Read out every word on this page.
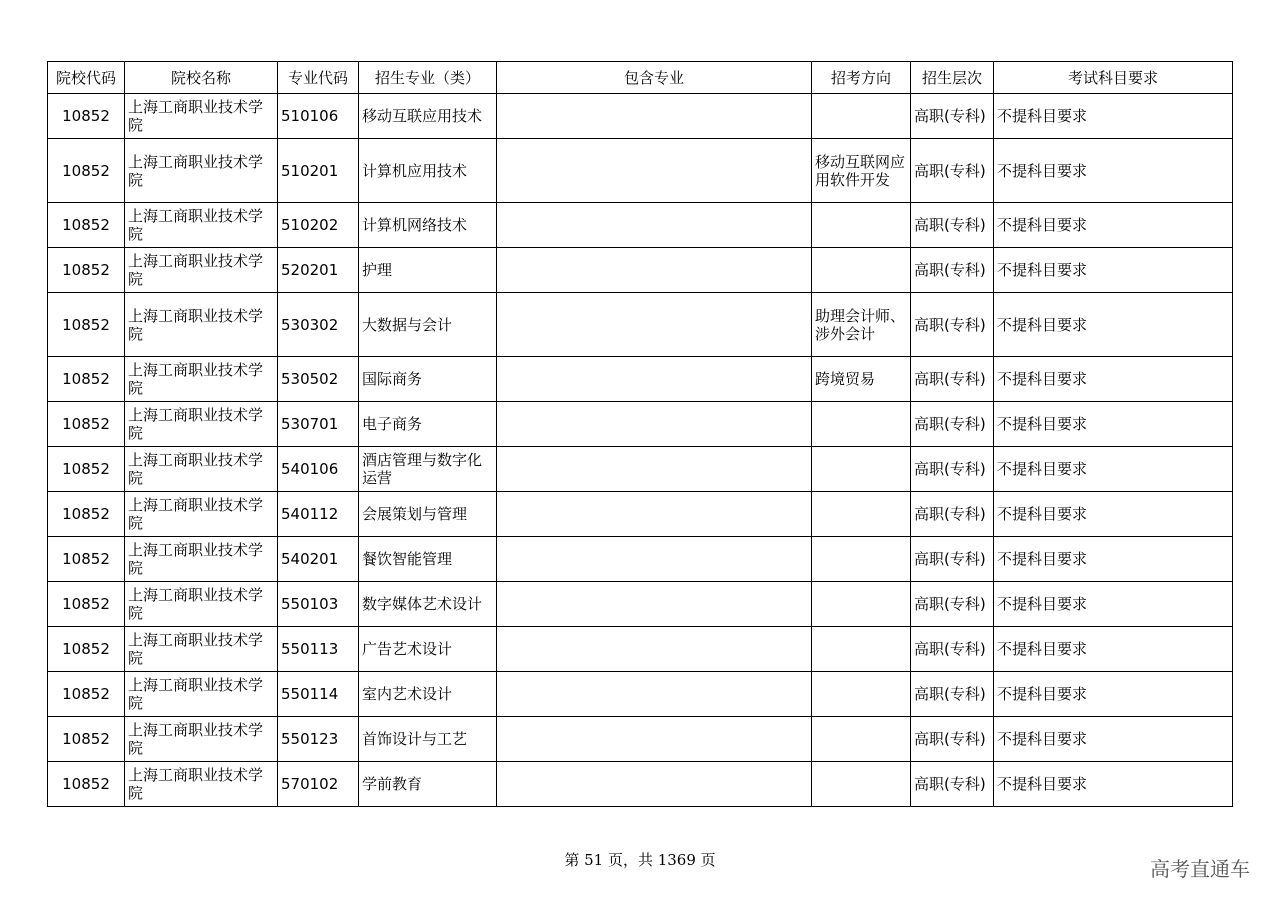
院校代码	院校名称	专业代码	招生专业（类）	包含专业	招考方向	招生层次	考试科目要求
10852	上海工商职业技术学院	510106	移动互联应用技术			高职(专科)	不提科目要求
10852	上海工商职业技术学院	510201	计算机应用技术		移动互联网应用软件开发	高职(专科)	不提科目要求
10852	上海工商职业技术学院	510202	计算机网络技术			高职(专科)	不提科目要求
10852	上海工商职业技术学院	520201	护理			高职(专科)	不提科目要求
10852	上海工商职业技术学院	530302	大数据与会计		助理会计师、涉外会计	高职(专科)	不提科目要求
10852	上海工商职业技术学院	530502	国际商务		跨境贸易	高职(专科)	不提科目要求
10852	上海工商职业技术学院	530701	电子商务			高职(专科)	不提科目要求
10852	上海工商职业技术学院	540106	酒店管理与数字化运营			高职(专科)	不提科目要求
10852	上海工商职业技术学院	540112	会展策划与管理			高职(专科)	不提科目要求
10852	上海工商职业技术学院	540201	餐饮智能管理			高职(专科)	不提科目要求
10852	上海工商职业技术学院	550103	数字媒体艺术设计			高职(专科)	不提科目要求
10852	上海工商职业技术学院	550113	广告艺术设计			高职(专科)	不提科目要求
10852	上海工商职业技术学院	550114	室内艺术设计			高职(专科)	不提科目要求
10852	上海工商职业技术学院	550123	首饰设计与工艺			高职(专科)	不提科目要求
10852	上海工商职业技术学院	570102	学前教育			高职(专科)	不提科目要求
第 51 页，共 1369 页	高考直通车
